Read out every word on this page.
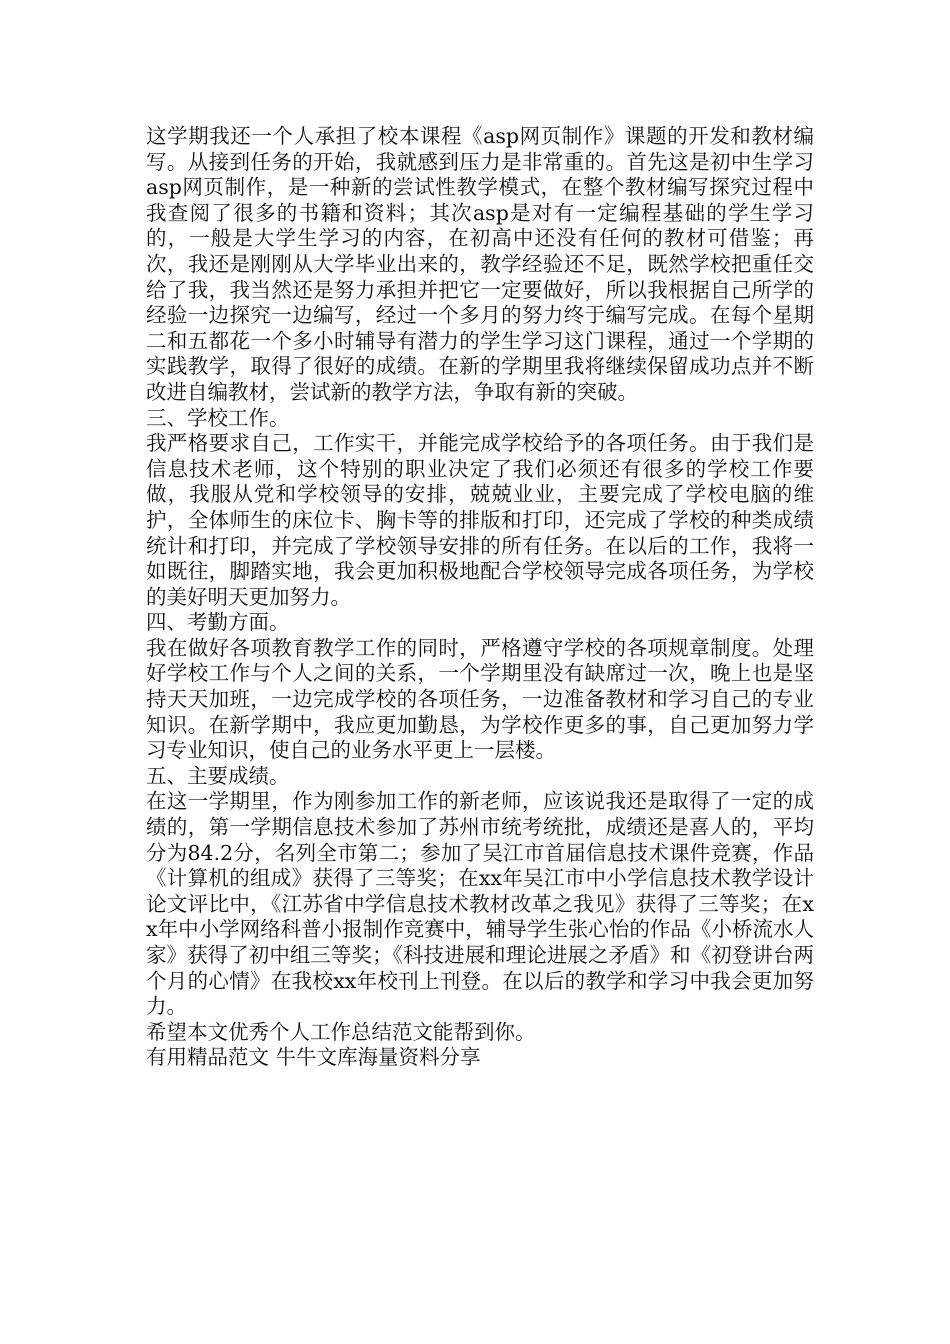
这学期我还一个人承担了校本课程《asp网页制作》课题的开发和教材编写。从接到任务的开始，我就感到压力是非常重的。首先这是初中生学习asp网页制作，是一种新的尝试性教学模式，在整个教材编写探究过程中我查阅了很多的书籍和资料；其次asp是对有一定编程基础的学生学习的，一般是大学生学习的内容，在初高中还没有任何的教材可借鉴；再次，我还是刚刚从大学毕业出来的，教学经验还不足，既然学校把重任交给了我，我当然还是努力承担并把它一定要做好，所以我根据自己所学的经验一边探究一边编写，经过一个多月的努力终于编写完成。在每个星期二和五都花一个多小时辅导有潜力的学生学习这门课程，通过一个学期的实践教学，取得了很好的成绩。在新的学期里我将继续保留成功点并不断改进自编教材，尝试新的教学方法，争取有新的突破。

三、学校工作。

我严格要求自己，工作实干，并能完成学校给予的各项任务。由于我们是信息技术老师，这个特别的职业决定了我们必须还有很多的学校工作要做，我服从党和学校领导的安排，兢兢业业，主要完成了学校电脑的维护，全体师生的床位卡、胸卡等的排版和打印，还完成了学校的种类成绩统计和打印，并完成了学校领导安排的所有任务。在以后的工作，我将一如既往，脚踏实地，我会更加积极地配合学校领导完成各项任务，为学校的美好明天更加努力。

四、考勤方面。

我在做好各项教育教学工作的同时，严格遵守学校的各项规章制度。处理好学校工作与个人之间的关系，一个学期里没有缺席过一次，晚上也是坚持天天加班，一边完成学校的各项任务，一边准备教材和学习自己的专业知识。在新学期中，我应更加勤恳，为学校作更多的事，自己更加努力学习专业知识，使自己的业务水平更上一层楼。

五、主要成绩。

在这一学期里，作为刚参加工作的新老师，应该说我还是取得了一定的成绩的，第一学期信息技术参加了苏州市统考统批，成绩还是喜人的，平均分为84.2分，名列全市第二；参加了吴江市首届信息技术课件竞赛，作品《计算机的组成》获得了三等奖；在xx年吴江市中小学信息技术教学设计论文评比中，《江苏省中学信息技术教材改革之我见》获得了三等奖；在xx年中小学网络科普小报制作竞赛中，辅导学生张心怡的作品《小桥流水人家》获得了初中组三等奖；《科技进展和理论进展之矛盾》和《初登讲台两个月的心情》在我校xx年校刊上刊登。在以后的教学和学习中我会更加努力。

希望本文优秀个人工作总结范文能帮到你。

有用精品范文 牛牛文库海量资料分享
